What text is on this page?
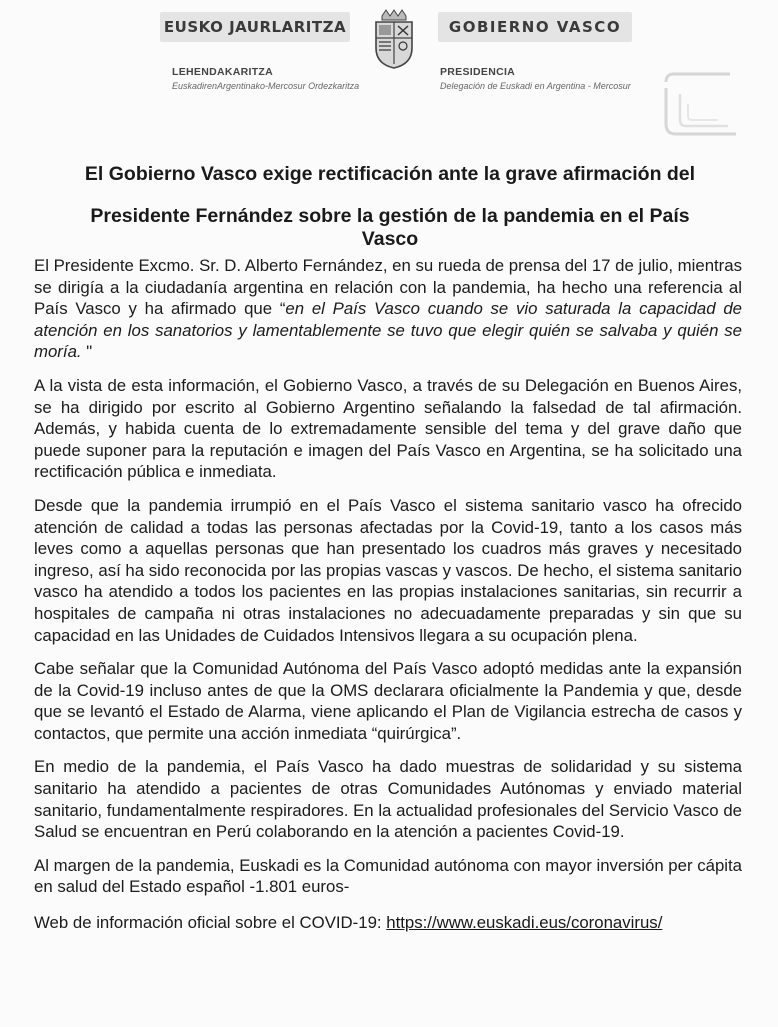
EUSKO JAURLARITZA	GOBIERNO VASCO
LEHENDAKARITZA
EuskadirenArgentinako-Mercosur Ordezkaritza
PRESIDENCIA
Delegación de Euskadi en Argentina - Mercosur
El Gobierno Vasco exige rectificación ante la grave afirmación del
Presidente Fernández sobre la gestión de la pandemia en el País Vasco

El Presidente Excmo. Sr. D. Alberto Fernández, en su rueda de prensa del 17 de julio, mientras se dirigía a la ciudadanía argentina en relación con la pandemia, ha hecho una referencia al País Vasco y ha afirmado que “en el País Vasco cuando se vio saturada la capacidad de atención en los sanatorios y lamentablemente se tuvo que elegir quién se salvaba y quién se moría. "

A la vista de esta información, el Gobierno Vasco, a través de su Delegación en Buenos Aires, se ha dirigido por escrito al Gobierno Argentino señalando la falsedad de tal afirmación. Además, y habida cuenta de lo extremadamente sensible del tema y del grave daño que puede suponer para la reputación e imagen del País Vasco en Argentina, se ha solicitado una rectificación pública e inmediata.

Desde que la pandemia irrumpió en el País Vasco el sistema sanitario vasco ha ofrecido atención de calidad a todas las personas afectadas por la Covid-19, tanto a los casos más leves como a aquellas personas que han presentado los cuadros más graves y necesitado ingreso, así ha sido reconocida por las propias vascas y vascos. De hecho, el sistema sanitario vasco ha atendido a todos los pacientes en las propias instalaciones sanitarias, sin recurrir a hospitales de campaña ni otras instalaciones no adecuadamente preparadas y sin que su capacidad en las Unidades de Cuidados Intensivos llegara a su ocupación plena.

Cabe señalar que la Comunidad Autónoma del País Vasco adoptó medidas ante la expansión de la Covid-19 incluso antes de que la OMS declarara oficialmente la Pandemia y que, desde que se levantó el Estado de Alarma, viene aplicando el Plan de Vigilancia estrecha de casos y contactos, que permite una acción inmediata “quirúrgica”.

En medio de la pandemia, el País Vasco ha dado muestras de solidaridad y su sistema sanitario ha atendido a pacientes de otras Comunidades Autónomas y enviado material sanitario, fundamentalmente respiradores. En la actualidad profesionales del Servicio Vasco de Salud se encuentran en Perú colaborando en la atención a pacientes Covid-19.

Al margen de la pandemia, Euskadi es la Comunidad autónoma con mayor inversión per cápita en salud del Estado español -1.801 euros-

Web de información oficial sobre el COVID-19: https://www.euskadi.eus/coronavirus/
